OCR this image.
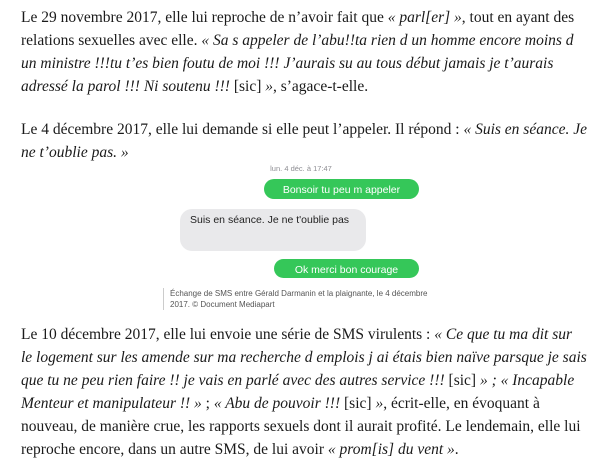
Le 29 novembre 2017, elle lui reproche de n’avoir fait que « parl[er] », tout en ayant des relations sexuelles avec elle. « Sa s appeler de l’abu!!ta rien d un homme encore moins d un ministre !!!tu t’es bien foutu de moi !!! J’aurais su au tous début jamais je t’aurais adressé la parol !!! Ni soutenu !!! [sic] », s’agace-t-elle.

Le 4 décembre 2017, elle lui demande si elle peut l’appeler. Il répond : « Suis en séance. Je ne t’oublie pas. »

lun. 4 déc. à 17:47
Bonsoir tu peu m appeler
Suis en séance. Je ne t'oublie pas
Ok merci bon courage
Échange de SMS entre Gérald Darmanin et la plaignante, le 4 décembre 2017. © Document Mediapart

Le 10 décembre 2017, elle lui envoie une série de SMS virulents : « Ce que tu ma dit sur le logement sur les amende sur ma recherche d emplois j ai étais bien naïve parsque je sais que tu ne peu rien faire !! je vais en parlé avec des autres service !!! [sic] » ; « Incapable Menteur et manipulateur !! » ; « Abu de pouvoir !!! [sic] », écrit-elle, en évoquant à nouveau, de manière crue, les rapports sexuels dont il aurait profité. Le lendemain, elle lui reproche encore, dans un autre SMS, de lui avoir « prom[is] du vent ».
